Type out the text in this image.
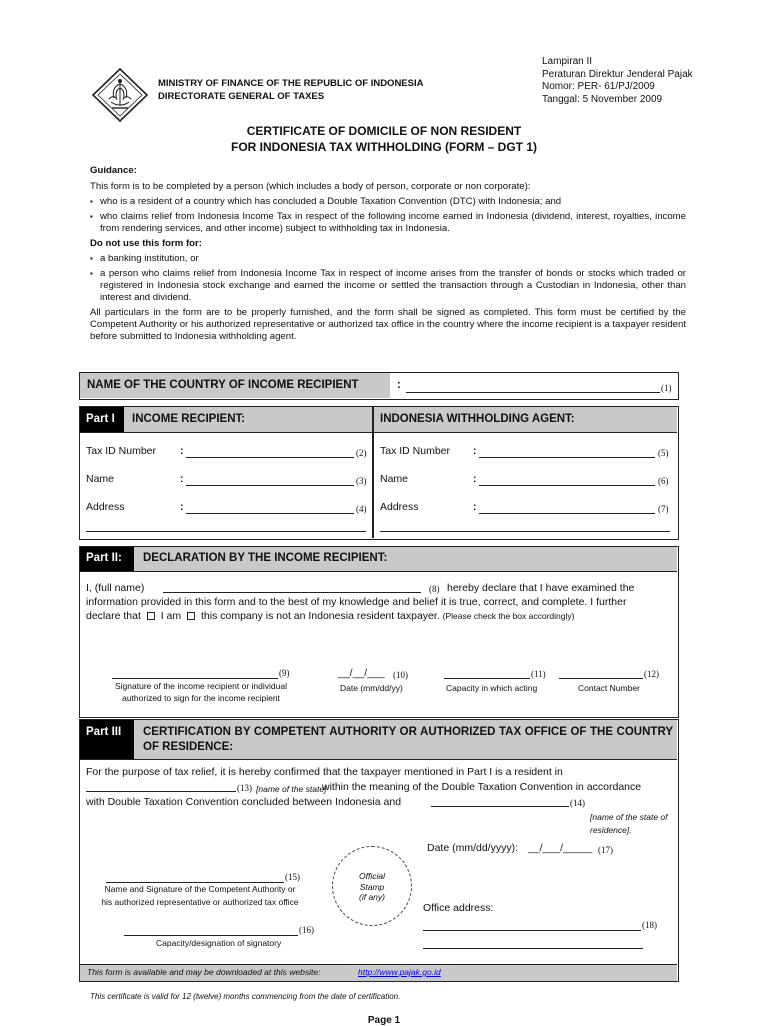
MINISTRY OF FINANCE OF THE REPUBLIC OF INDONESIA
DIRECTORATE GENERAL OF TAXES
Lampiran II
Peraturan Direktur Jenderal Pajak
Nomor: PER- 61/PJ/2009
Tanggal: 5 November 2009
CERTIFICATE OF DOMICILE OF NON RESIDENT
FOR INDONESIA TAX WITHHOLDING (FORM – DGT 1)
Guidance:
This form is to be completed by a person (which includes a body of person, corporate or non corporate):
▪ who is a resident of a country which has concluded a Double Taxation Convention (DTC) with Indonesia; and
▪ who claims relief from Indonesia Income Tax in respect of the following income earned in Indonesia (dividend, interest, royalties, income from rendering services, and other income) subject to withholding tax in Indonesia.
Do not use this form for:
▪ a banking institution, or
▪ a person who claims relief from Indonesia Income Tax in respect of income arises from the transfer of bonds or stocks which traded or registered in Indonesia stock exchange and earned the income or settled the transaction through a Custodian in Indonesia, other than interest and dividend.
All particulars in the form are to be properly furnished, and the form shall be signed as completed. This form must be certified by the Competent Authority or his authorized representative or authorized tax office in the country where the income recipient is a taxpayer resident before submitted to Indonesia withholding agent.
NAME OF THE COUNTRY OF INCOME RECIPIENT	:	(1)
Part I INCOME RECIPIENT:	INDONESIA WITHHOLDING AGENT:
Tax ID Number :	(2)
Name	:	(3)
Address	:	(4)
Tax ID Number :	(5)
Name	:	(6)
Address	:	(7)
Part II: DECLARATION BY THE INCOME RECIPIENT:
I, (full name)	(8) hereby declare that I have examined the
information provided in this form and to the best of my knowledge and belief it is true, correct, and complete. I further
declare that I am this company is not an Indonesia resident taxpayer. (Please check the box accordingly)
(9)
Signature of the income recipient or individual authorized to sign for the income recipient
__/__/___ (10)
Date (mm/dd/yy)
(11)
Capacity in which acting
(12)
Contact Number
Part III CERTIFICATION BY COMPETENT AUTHORITY OR AUTHORIZED TAX OFFICE OF THE COUNTRY OF RESIDENCE:
For the purpose of tax relief, it is hereby confirmed that the taxpayer mentioned in Part I is a resident in
(13) [name of the state]
within the meaning of the Double Taxation Convention in accordance
with Double Taxation Convention concluded between Indonesia and	(14)
[name of the state of residence].
Date (mm/dd/yyyy): __/___/_____ (17)
(15)
Name and Signature of the Competent Authority or his authorized representative or authorized tax office
Official
Stamp
(if any)
Office address:
(18)
(16)
Capacity/designation of signatory
This form is available and may be downloaded at this website:	http://www.pajak.go.id
This certificate is valid for 12 (twelve) months commencing from the date of certification.
Page 1
